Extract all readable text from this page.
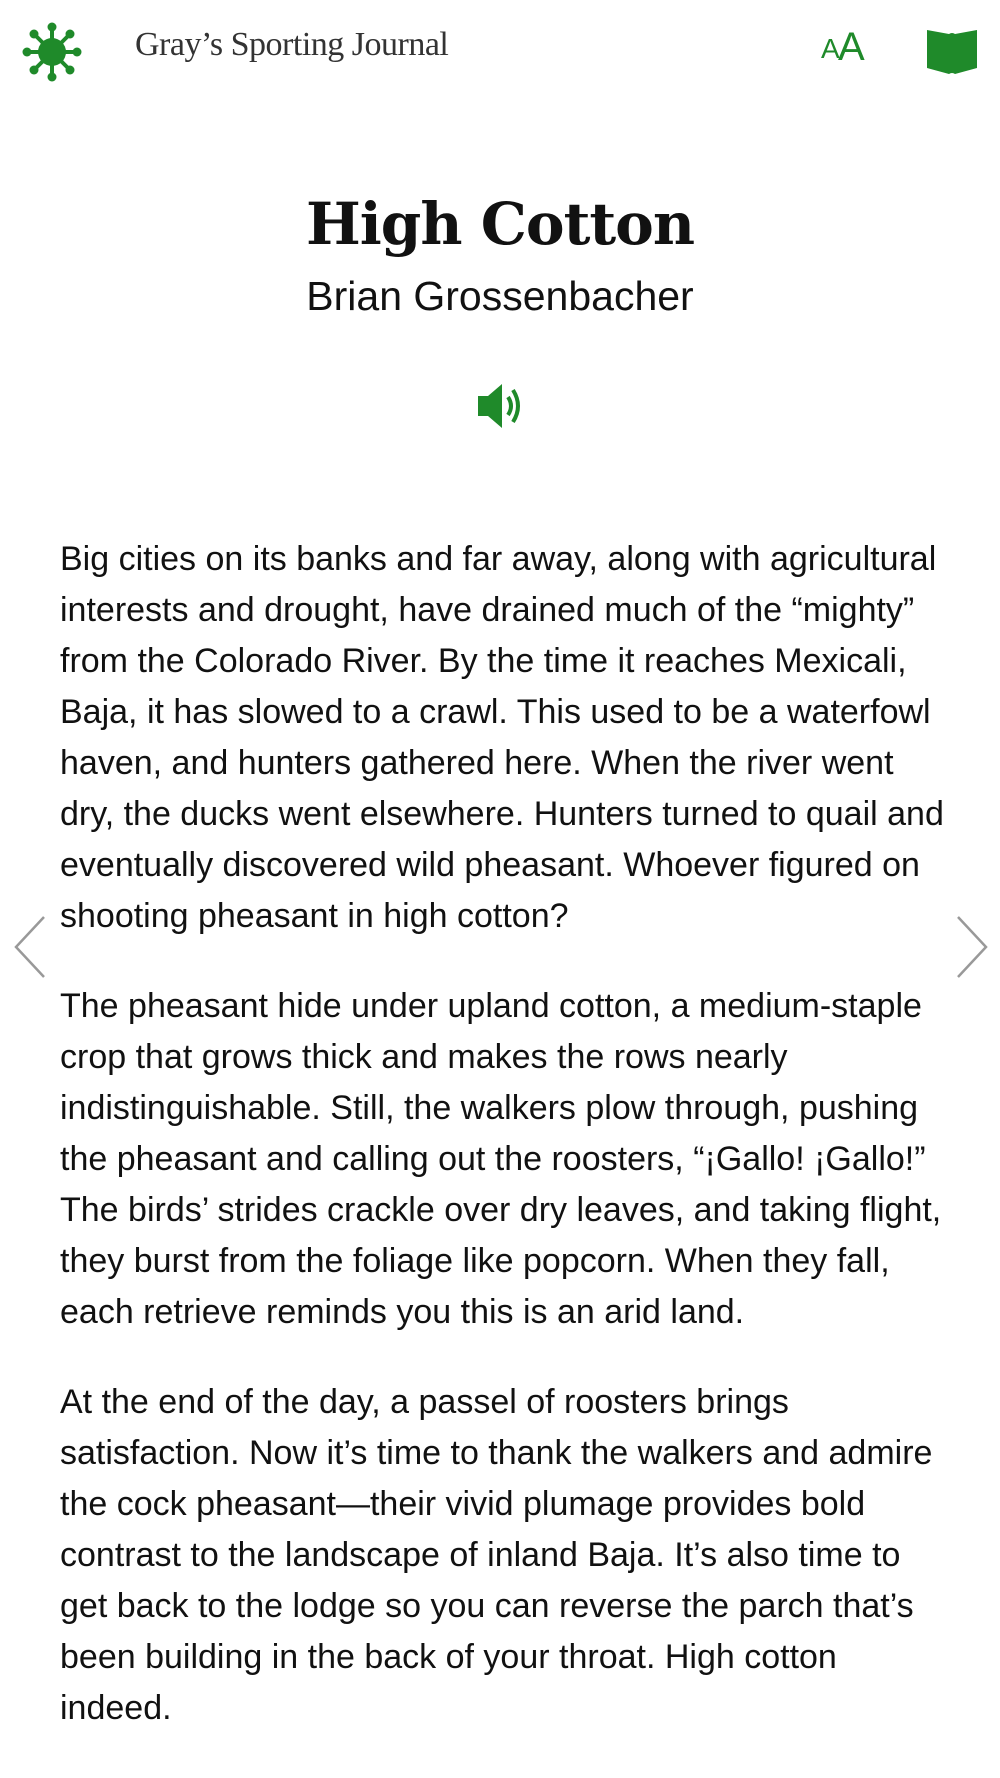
Gray’s Sporting Journal	A
A
High Cotton
Brian Grossenbacher

Big cities on its banks and far away, along with agricultural interests and drought, have drained much of the “mighty” from the Colorado River. By the time it reaches Mexicali, Baja, it has slowed to a crawl. This used to be a waterfowl haven, and hunters gathered here. When the river went dry, the ducks went elsewhere. Hunters turned to quail and eventually discovered wild pheasant. Whoever figured on shooting pheasant in high cotton?

The pheasant hide under upland cotton, a medium-staple crop that grows thick and makes the rows nearly indistinguishable. Still, the walkers plow through, pushing the pheasant and calling out the roosters, “¡Gallo! ¡Gallo!” The birds’ strides crackle over dry leaves, and taking flight, they burst from the foliage like popcorn. When they fall, each retrieve reminds you this is an arid land.

At the end of the day, a passel of roosters brings satisfaction. Now it’s time to thank the walkers and admire the cock pheasant—their vivid plumage provides bold contrast to the landscape of inland Baja. It’s also time to get back to the lodge so you can reverse the parch that’s been building in the back of your throat. High cotton indeed.
